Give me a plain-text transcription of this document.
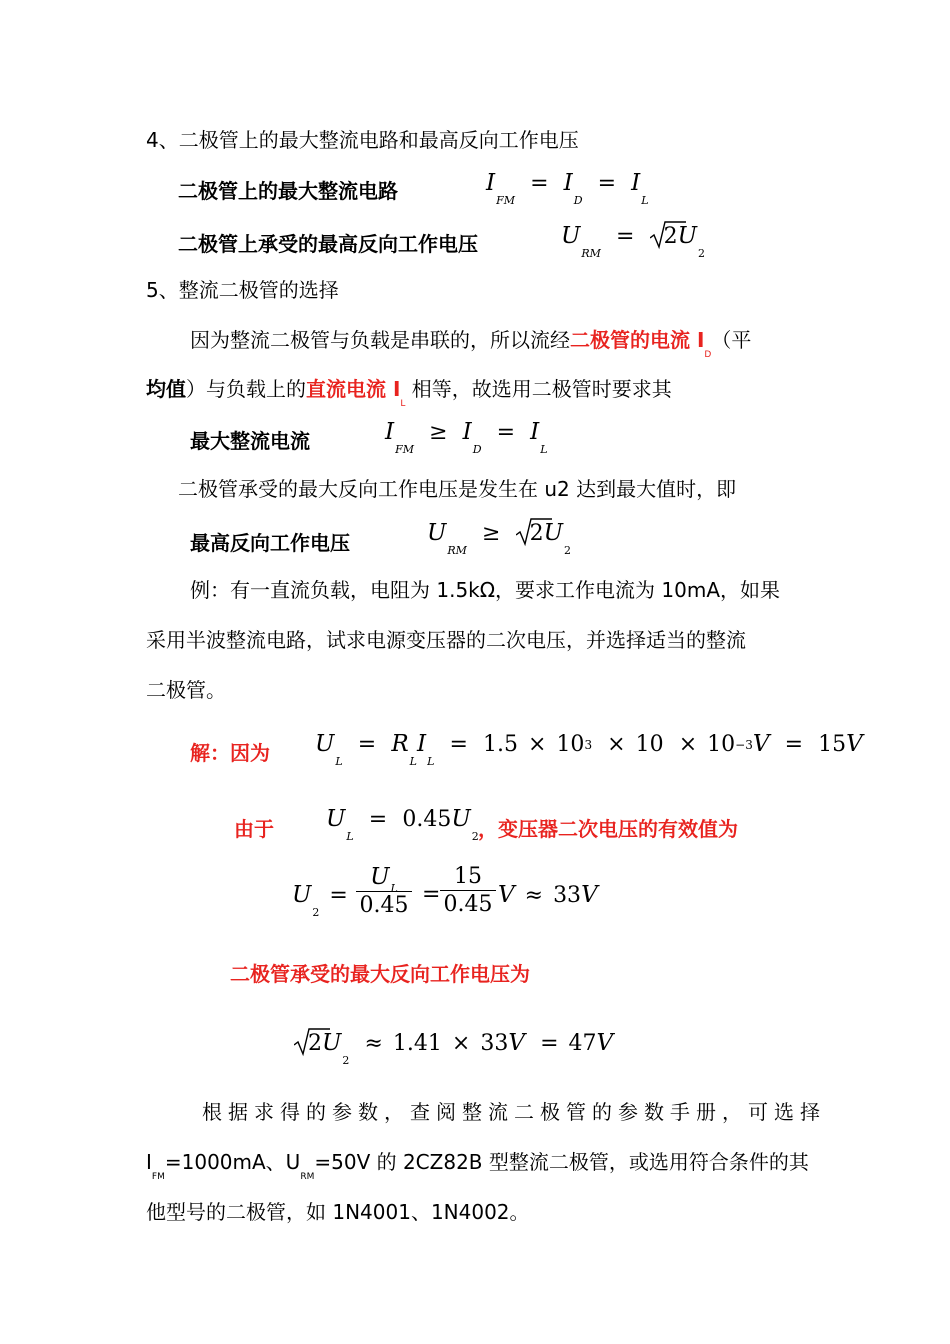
4、二极管上的最大整流电路和最高反向工作电压
二极管上的最大整流电路	$I_{FM} = I_D = I_L$
二极管上承受的最高反向工作电压	$U_{RM} = 2U_2$
5、整流二极管的选择
因为整流二极管与负载是串联的，所以流经二极管的电流 $I_D$（平
均值）与负载上的直流电流 $I_L$ 相等，故选用二极管时要求其
最大整流电流	$I_{FM} \ge I_D = I_L$
二极管承受的最大反向工作电压是发生在 u2 达到最大值时，即
最高反向工作电压	$U_{RM} \ge 2U_2$
例：有一直流负载，电阻为 1.5kΩ，要求工作电流为 10mA，如果
采用半波整流电路，试求电源变压器的二次电压，并选择适当的整流
二极管。
解：因为 $U_L = R_LI_L = 1.5 \times 103 \times 10 \times 10-3V = 15V$
由于 $U_L = 0.45U_2$ ，变压器二次电压的有效值为
$U_2=$
$U_L$
0.45 =
15
0.45 V ≈ 33V
二极管承受的最大反向工作电压为
$2U_2 \approx 1.41 \times 33V = 47V$
根据求得的参数，查阅整流二极管的参数手册，可选择
$I_{FM}=1000mA$、$U_{RM}=50V$ 的 2CZ82B 型整流二极管，或选用符合条件的其
他型号的二极管，如 1N4001、1N4002。
